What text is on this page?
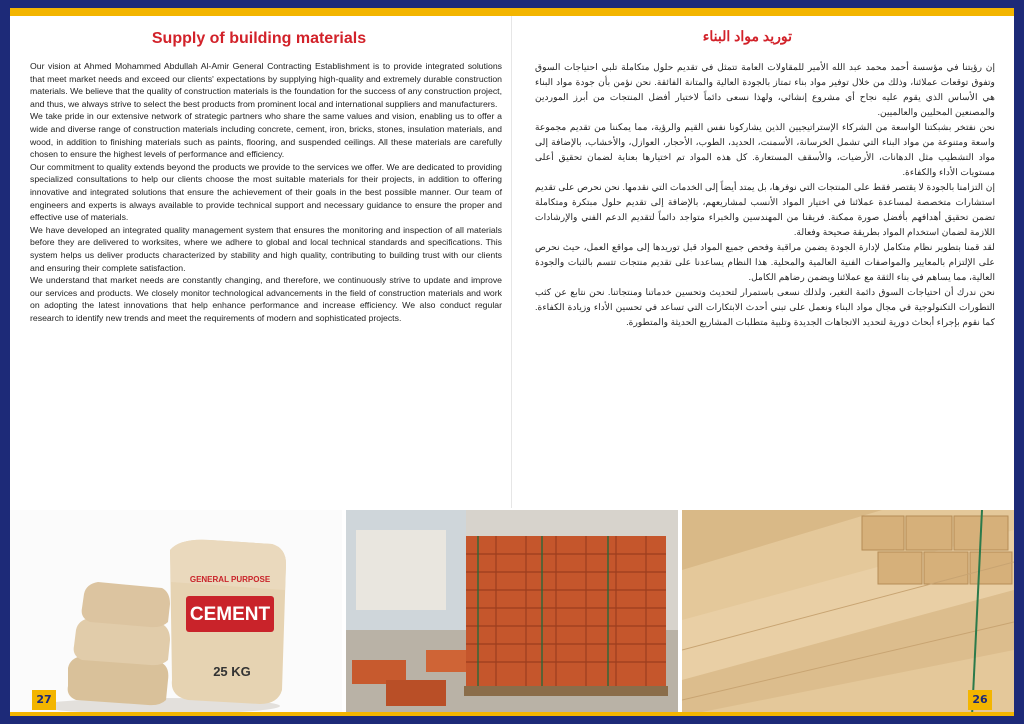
Supply of building materials

Our vision at Ahmed Mohammed Abdullah Al-Amir General Contracting Establishment is to provide integrated solutions that meet market needs and exceed our clients' expectations by supplying high-quality and extremely durable construction materials. We believe that the quality of construction materials is the foundation for the success of any construction project, and thus, we always strive to select the best products from prominent local and international suppliers and manufacturers.

We take pride in our extensive network of strategic partners who share the same values and vision, enabling us to offer a wide and diverse range of construction materials including concrete, cement, iron, bricks, stones, insulation materials, and wood, in addition to finishing materials such as paints, flooring, and suspended ceilings. All these materials are carefully chosen to ensure the highest levels of performance and efficiency.

Our commitment to quality extends beyond the products we provide to the services we offer. We are dedicated to providing specialized consultations to help our clients choose the most suitable materials for their projects, in addition to offering innovative and integrated solutions that ensure the achievement of their goals in the best possible manner. Our team of engineers and experts is always available to provide technical support and necessary guidance to ensure the proper and effective use of materials.

We have developed an integrated quality management system that ensures the monitoring and inspection of all materials before they are delivered to worksites, where we adhere to global and local technical standards and specifications. This system helps us deliver products characterized by stability and high quality, contributing to building trust with our clients and ensuring their complete satisfaction.

We understand that market needs are constantly changing, and therefore, we continuously strive to update and improve our services and products. We closely monitor technological advancements in the field of construction materials and work on adopting the latest innovations that help enhance performance and increase efficiency. We also conduct regular research to identify new trends and meet the requirements of modern and sophisticated projects.

توريد مواد البناء

إن رؤيتنا في مؤسسة أحمد محمد عبد الله الأمير للمقاولات العامة تتمثل في تقديم حلول متكاملة تلبي احتياجات السوق وتفوق توقعات عملائنا، وذلك من خلال توفير مواد بناء تمتاز بالجودة العالية والمتانة الفائقة. نحن نؤمن بأن جودة مواد البناء هي الأساس الذي يقوم عليه نجاح أي مشروع إنشائي، ولهذا نسعى دائماً لاختيار أفضل المنتجات من أبرز الموردين والمصنعين المحليين والعالميين.

نحن نفتخر بشبكتنا الواسعة من الشركاء الإستراتيجيين الذين يشاركونا نفس القيم والرؤية، مما يمكننا من تقديم مجموعة واسعة ومتنوعة من مواد البناء التي تشمل الخرسانة، الأسمنت، الحديد، الطوب، الأحجار، العوازل، والأخشاب، بالإضافة إلى مواد التشطيب مثل الدهانات، الأرضيات، والأسقف المستعارة. كل هذه المواد تم اختيارها بعناية لضمان تحقيق أعلى مستويات الأداء والكفاءة.

إن التزامنا بالجودة لا يقتصر فقط على المنتجات التي نوفرها، بل يمتد أيضاً إلى الخدمات التي نقدمها. نحن نحرص على تقديم استشارات متخصصة لمساعدة عملائنا في اختيار المواد الأنسب لمشاريعهم، بالإضافة إلى تقديم حلول مبتكرة ومتكاملة تضمن تحقيق أهدافهم بأفضل صورة ممكنة. فريقنا من المهندسين والخبراء متواجد دائماً لتقديم الدعم الفني والإرشادات اللازمة لضمان استخدام المواد بطريقة صحيحة وفعالة.

لقد قمنا بتطوير نظام متكامل لإدارة الجودة يضمن مراقبة وفحص جميع المواد قبل توريدها إلى مواقع العمل، حيث نحرص على الإلتزام بالمعايير والمواصفات الفنية العالمية والمحلية. هذا النظام يساعدنا على تقديم منتجات تتسم بالثبات والجودة العالية، مما يساهم في بناء الثقة مع عملائنا ويضمن رضاهم الكامل.

نحن ندرك أن احتياجات السوق دائمة التغير، ولذلك نسعى باستمرار لتحديث وتحسين خدماتنا ومنتجاتنا. نحن نتابع عن كثب التطورات التكنولوجية في مجال مواد البناء ونعمل على تبني أحدث الابتكارات التي تساعد في تحسين الأداء وزيادة الكفاءة. كما نقوم بإجراء أبحاث دورية لتحديد الاتجاهات الجديدة وتلبية متطلبات المشاريع الحديثة والمتطورة.

GENERAL PURPOSE
CEMENT
25 KG
27	26
